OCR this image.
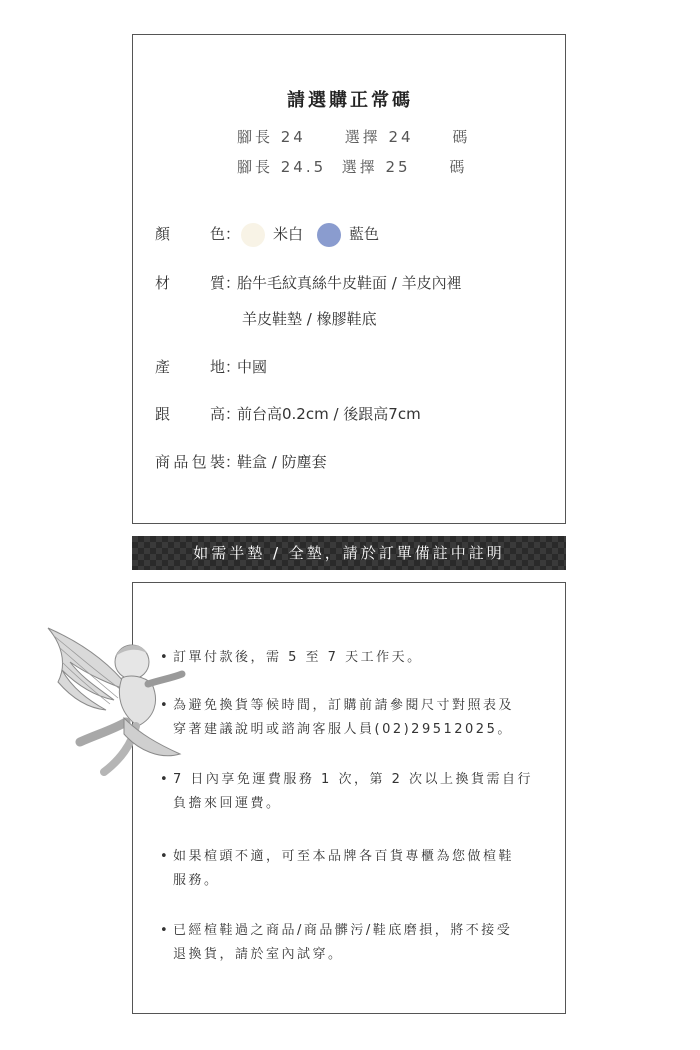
請選購正常碼
腳長 24     選擇 24     碼
腳長 24.5  選擇 25     碼
顏色： 米白	藍色
材質：胎牛毛紋真絲牛皮鞋面 / 羊皮內裡
羊皮鞋墊 / 橡膠鞋底
產地：中國
跟高：前台高0.2cm / 後跟高7cm
商品包裝：鞋盒 / 防塵套
如需半墊 / 全墊，請於訂單備註中註明
• 訂單付款後，需 5 至 7 天工作天。
• 為避免換貨等候時間，訂購前請參閱尺寸對照表及
穿著建議說明或諮詢客服人員(02)29512025。
• 7 日內享免運費服務 1 次，第 2 次以上換貨需自行
負擔來回運費。
• 如果楦頭不適，可至本品牌各百貨專櫃為您做楦鞋
服務。
• 已經楦鞋過之商品/商品髒污/鞋底磨損，將不接受
退換貨，請於室內試穿。
